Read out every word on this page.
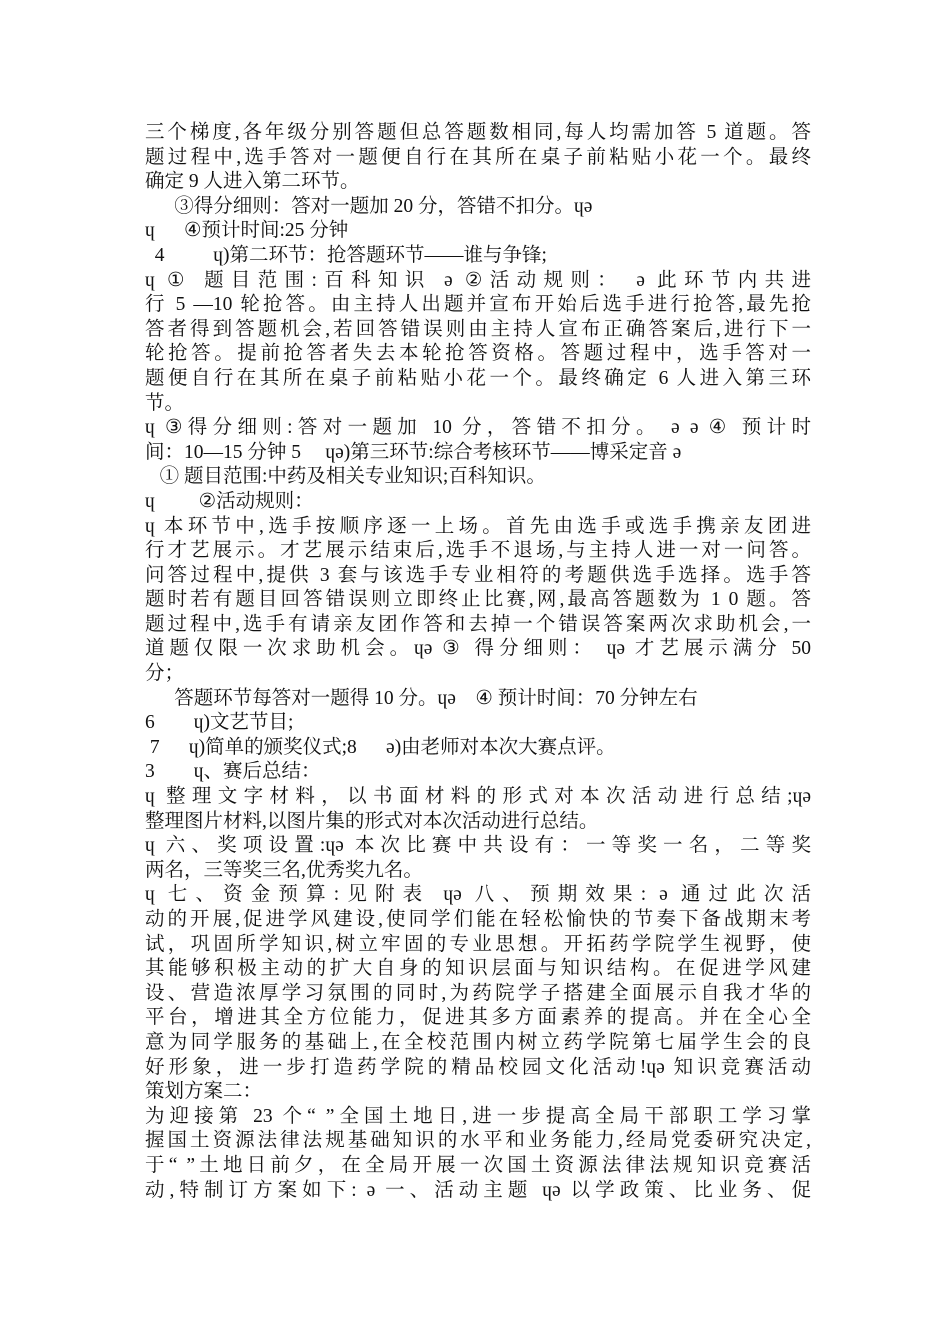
三个梯度,各年级分别答题但总答题数相同,每人均需加答 5 道题。答
题过程中,选手答对一题便自行在其所在桌子前粘贴小花一个。最终
确定 9 人进入第二环节。
③得分细则：答对一题加 20 分，答错不扣分。ɥə
ɥ      ④预计时间:25 分钟
4          ɥ)第二环节：抢答题环节——谁与争锋;
ɥ ① 题目范围:百科知识 ə ②活动规则： ə 此环节内共进
行 5 —10 轮抢答。由主持人出题并宣布开始后选手进行抢答,最先抢
答者得到答题机会,若回答错误则由主持人宣布正确答案后,进行下一
轮抢答。提前抢答者失去本轮抢答资格。答题过程中，选手答对一
题便自行在其所在桌子前粘贴小花一个。最终确定 6 人进入第三环
节。
ɥ ③得分细则:答对一题加 10 分，答错不扣分。 ə ə ④ 预计时
间：10—15 分钟 5     ɥə)第三环节:综合考核环节——博采定音 ə
① 题目范围:中药及相关专业知识;百科知识。
ɥ         ②活动规则：
ɥ 本环节中,选手按顺序逐一上场。首先由选手或选手携亲友团进
行才艺展示。才艺展示结束后,选手不退场,与主持人进一对一问答。
问答过程中,提供 3 套与该选手专业相符的考题供选手选择。选手答
题时若有题目回答错误则立即终止比赛,网,最高答题数为 1 0 题。答
题过程中,选手有请亲友团作答和去掉一个错误答案两次求助机会,一
道题仅限一次求助机会。ɥə ③ 得分细则： ɥə 才艺展示满分 50
分；
答题环节每答对一题得 10 分。ɥə    ④ 预计时间：70 分钟左右
6        ɥ)文艺节目;
7      ɥ)简单的颁奖仪式;8      ə)由老师对本次大赛点评。
3        ɥ、赛后总结：
ɥ 整理文字材料，以书面材料的形式对本次活动进行总结;ɥə
整理图片材料,以图片集的形式对本次活动进行总结。
ɥ 六、奖项设置:ɥə 本次比赛中共设有：一等奖一名，二等奖
两名，三等奖三名,优秀奖九名。
ɥ 七、资金预算:见附表 ɥə 八、预期效果: ə 通过此次活
动的开展,促进学风建设,使同学们能在轻松愉快的节奏下备战期末考
试，巩固所学知识,树立牢固的专业思想。开拓药学院学生视野，使
其能够积极主动的扩大自身的知识层面与知识结构。在促进学风建
设、营造浓厚学习氛围的同时,为药院学子搭建全面展示自我才华的
平台，增进其全方位能力，促进其多方面素养的提高。并在全心全
意为同学服务的基础上,在全校范围内树立药学院第七届学生会的良
好形象，进一步打造药学院的精品校园文化活动!ɥə 知识竞赛活动
策划方案二：
为迎接第 23 个“ ”全国土地日,进一步提高全局干部职工学习掌
握国土资源法律法规基础知识的水平和业务能力,经局党委研究决定,
于“ ”土地日前夕，在全局开展一次国土资源法律法规知识竞赛活
动,特制订方案如下: ə 一、活动主题 ɥə 以学政策、比业务、促
